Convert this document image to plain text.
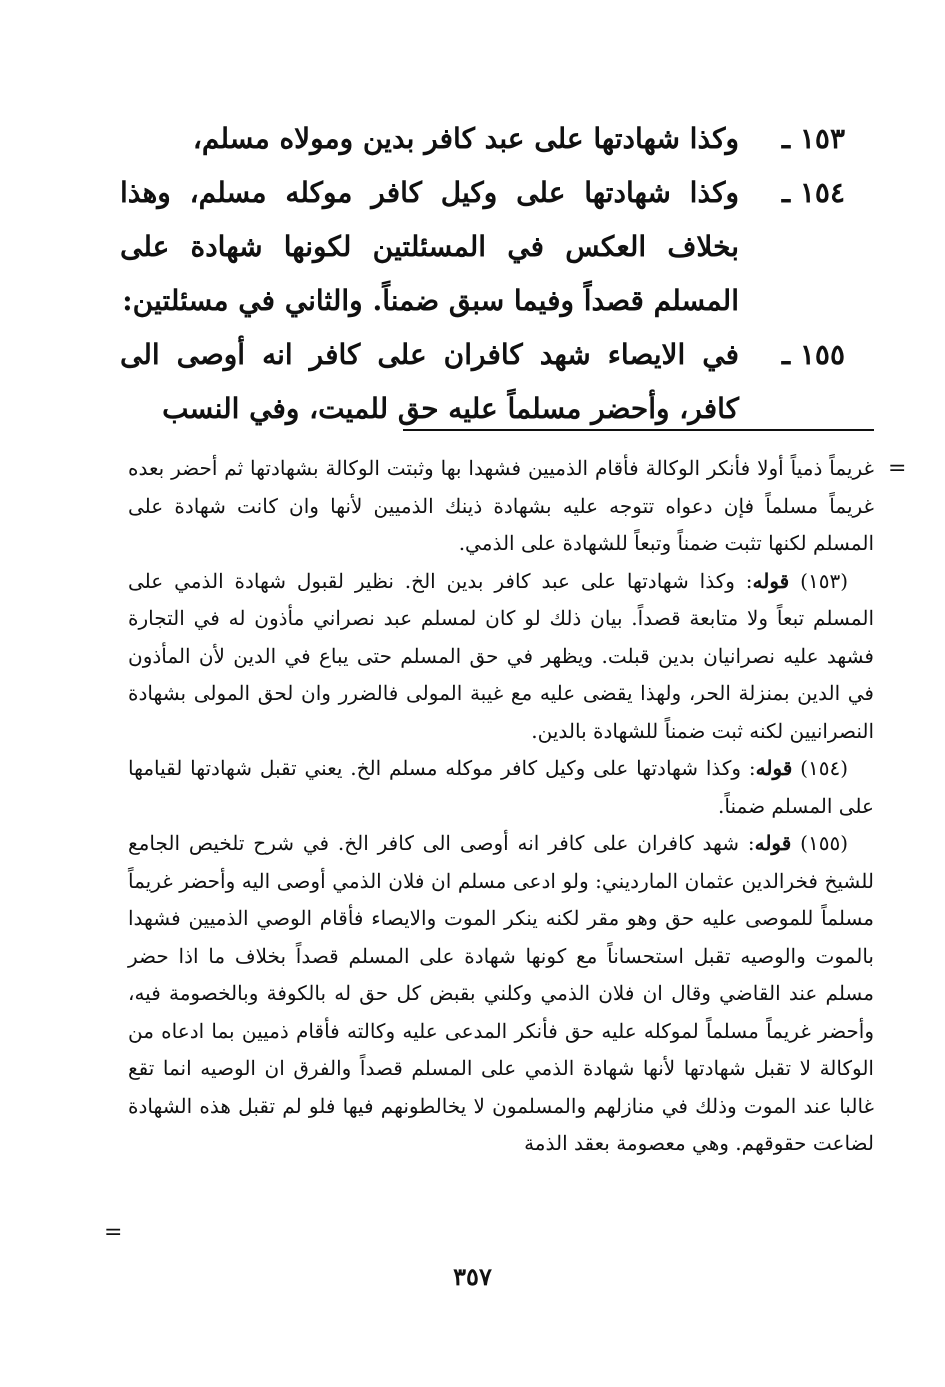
١٥٣ ـ
وكذا شهادتها على عبد كافر بدين ومولاه مسلم،
١٥٤ ـ
وكذا شهادتها على وكيل كافر موكله مسلم، وهذا بخلاف العكس في المسئلتين لكونها شهادة على المسلم قصداً وفيما سبق ضمناً. والثاني في مسئلتين:
١٥٥ ـ
في الايصاء شهد كافران على كافر انه أوصى الى كافر، وأحضر مسلماً عليه حق للميت، وفي النسب
=

غريماً ذمياً أولا فأنكر الوكالة فأقام الذميين فشهدا بها وثبتت الوكالة بشهادتها ثم أحضر بعده غريماً مسلماً فإن دعواه تتوجه عليه بشهادة ذينك الذميين لأنها وان كانت شهادة على المسلم لكنها تثبت ضمناً وتبعاً للشهادة على الذمي.

(١٥٣) قوله: وكذا شهادتها على عبد كافر بدين الخ. نظير لقبول شهادة الذمي على المسلم تبعاً ولا متابعة قصداً. بيان ذلك لو كان لمسلم عبد نصراني مأذون له في التجارة فشهد عليه نصرانيان بدين قبلت. ويظهر في حق المسلم حتى يباع في الدين لأن المأذون في الدين بمنزلة الحر، ولهذا يقضى عليه مع غيبة المولى فالضرر وان لحق المولى بشهادة النصرانيين لكنه ثبت ضمناً للشهادة بالدين.

(١٥٤) قوله: وكذا شهادتها على وكيل كافر موكله مسلم الخ. يعني تقبل شهادتها لقيامها على المسلم ضمناً.

(١٥٥) قوله: شهد كافران على كافر انه أوصى الى كافر الخ. في شرح تلخيص الجامع للشيخ فخرالدين عثمان المارديني: ولو ادعى مسلم ان فلان الذمي أوصى اليه وأحضر غريماً مسلماً للموصى عليه حق وهو مقر لكنه ينكر الموت والايصاء فأقام الوصي الذميين فشهدا بالموت والوصيه تقبل استحساناً مع كونها شهادة على المسلم قصداً بخلاف ما اذا حضر مسلم عند القاضي وقال ان فلان الذمي وكلني بقبض كل حق له بالكوفة وبالخصومة فيه، وأحضر غريماً مسلماً لموكله عليه حق فأنكر المدعى عليه وكالته فأقام ذميين بما ادعاه من الوكالة لا تقبل شهادتها لأنها شهادة الذمي على المسلم قصداً والفرق ان الوصيه انما تقع غالبا عند الموت وذلك في منازلهم والمسلمون لا يخالطونهم فيها فلو لم تقبل هذه الشهادة لضاعت حقوقهم. وهي معصومة بعقد الذمة

=
٣٥٧
